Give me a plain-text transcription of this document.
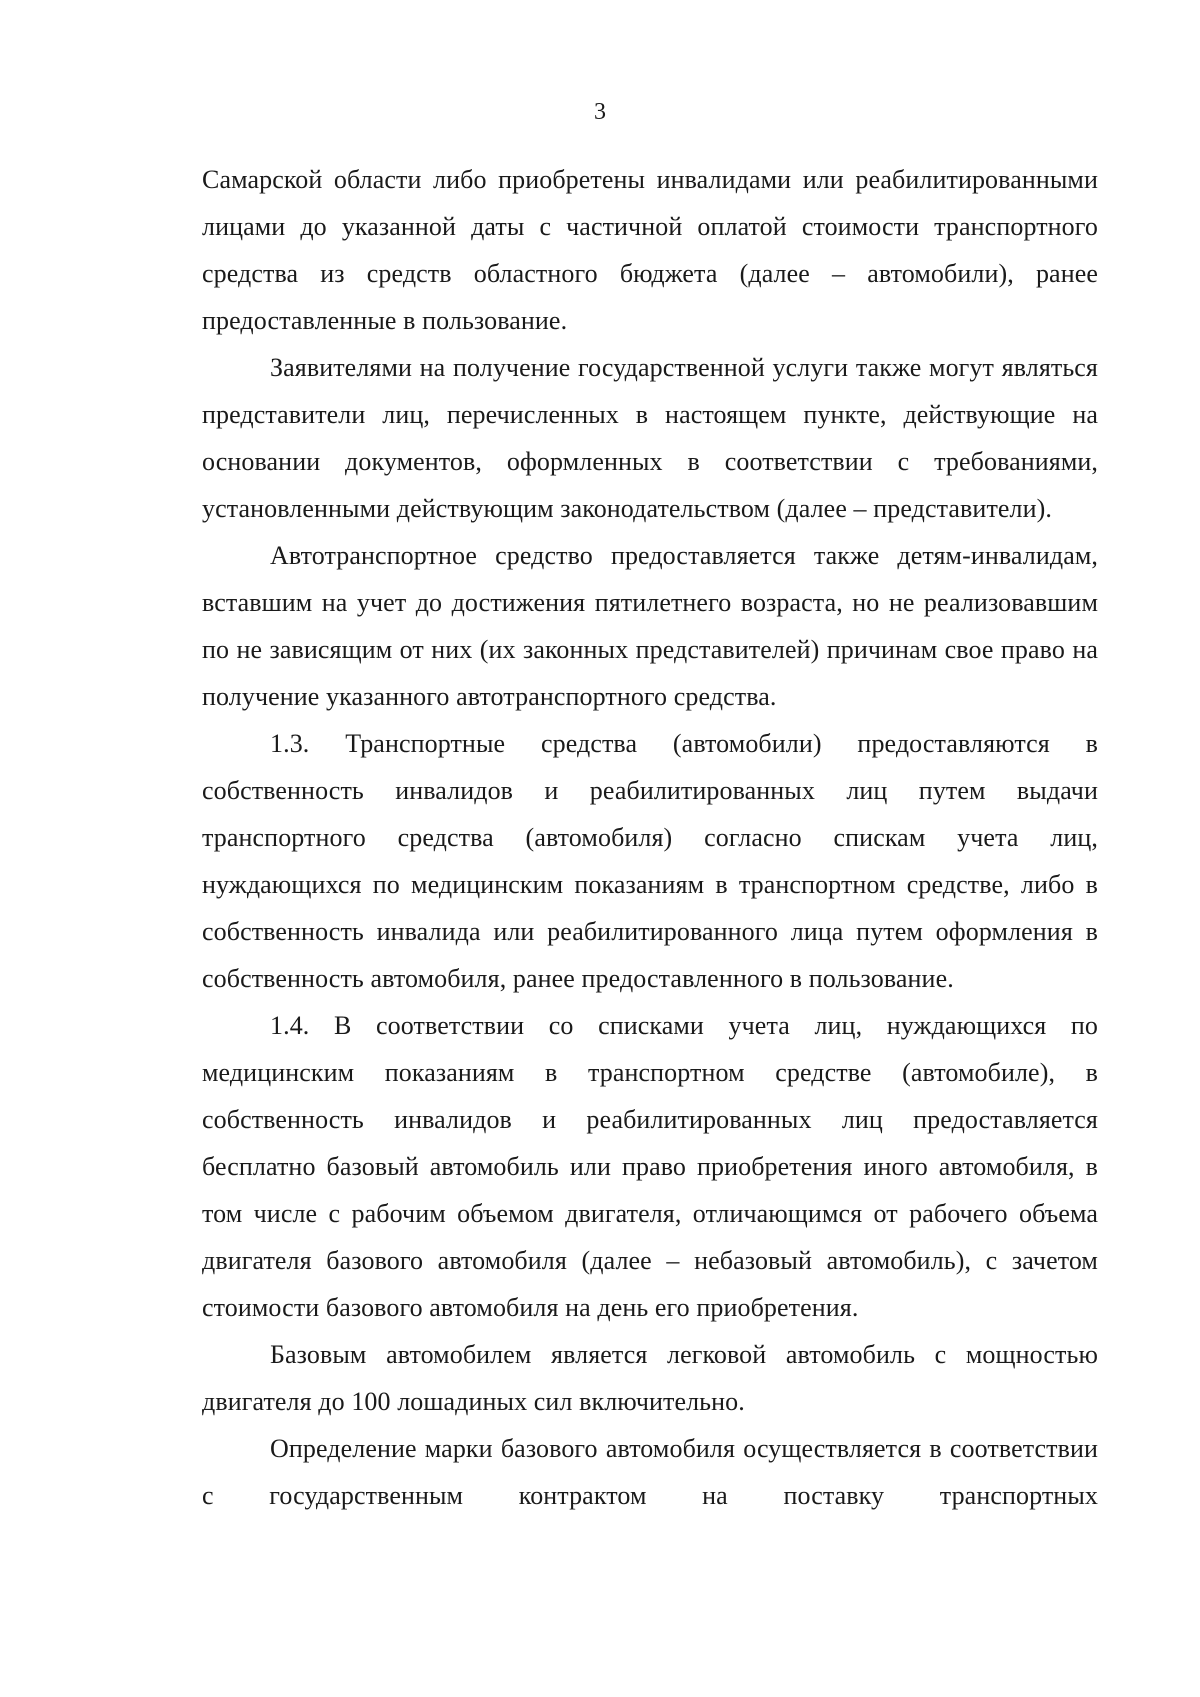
3

Самарской области либо приобретены инвалидами или реабилитированными лицами до указанной даты с частичной оплатой стоимости транспортного средства из средств областного бюджета (далее – автомобили), ранее предоставленные в пользование.

Заявителями на получение государственной услуги также могут являться представители лиц, перечисленных в настоящем пункте, действующие на основании документов, оформленных в соответствии с требованиями, установленными действующим законодательством (далее – представители).

Автотранспортное средство предоставляется также детям-инвалидам, вставшим на учет до достижения пятилетнего возраста, но не реализовавшим по не зависящим от них (их законных представителей) причинам свое право на получение указанного автотранспортного средства.

1.3. Транспортные средства (автомобили) предоставляются в собственность инвалидов и реабилитированных лиц путем выдачи транспортного средства (автомобиля) согласно спискам учета лиц, нуждающихся по медицинским показаниям в транспортном средстве, либо в собственность инвалида или реабилитированного лица путем оформления в собственность автомобиля, ранее предоставленного в пользование.

1.4. В соответствии со списками учета лиц, нуждающихся по медицинским показаниям в транспортном средстве (автомобиле), в собственность инвалидов и реабилитированных лиц предоставляется бесплатно базовый автомобиль или право приобретения иного автомобиля, в том числе с рабочим объемом двигателя, отличающимся от рабочего объема двигателя базового автомобиля (далее – небазовый автомобиль), с зачетом стоимости базового автомобиля на день его приобретения.

Базовым автомобилем является легковой автомобиль с мощностью двигателя до 100 лошадиных сил включительно.

Определение марки базового автомобиля осуществляется в соответствии с государственным контрактом на поставку транспортных
